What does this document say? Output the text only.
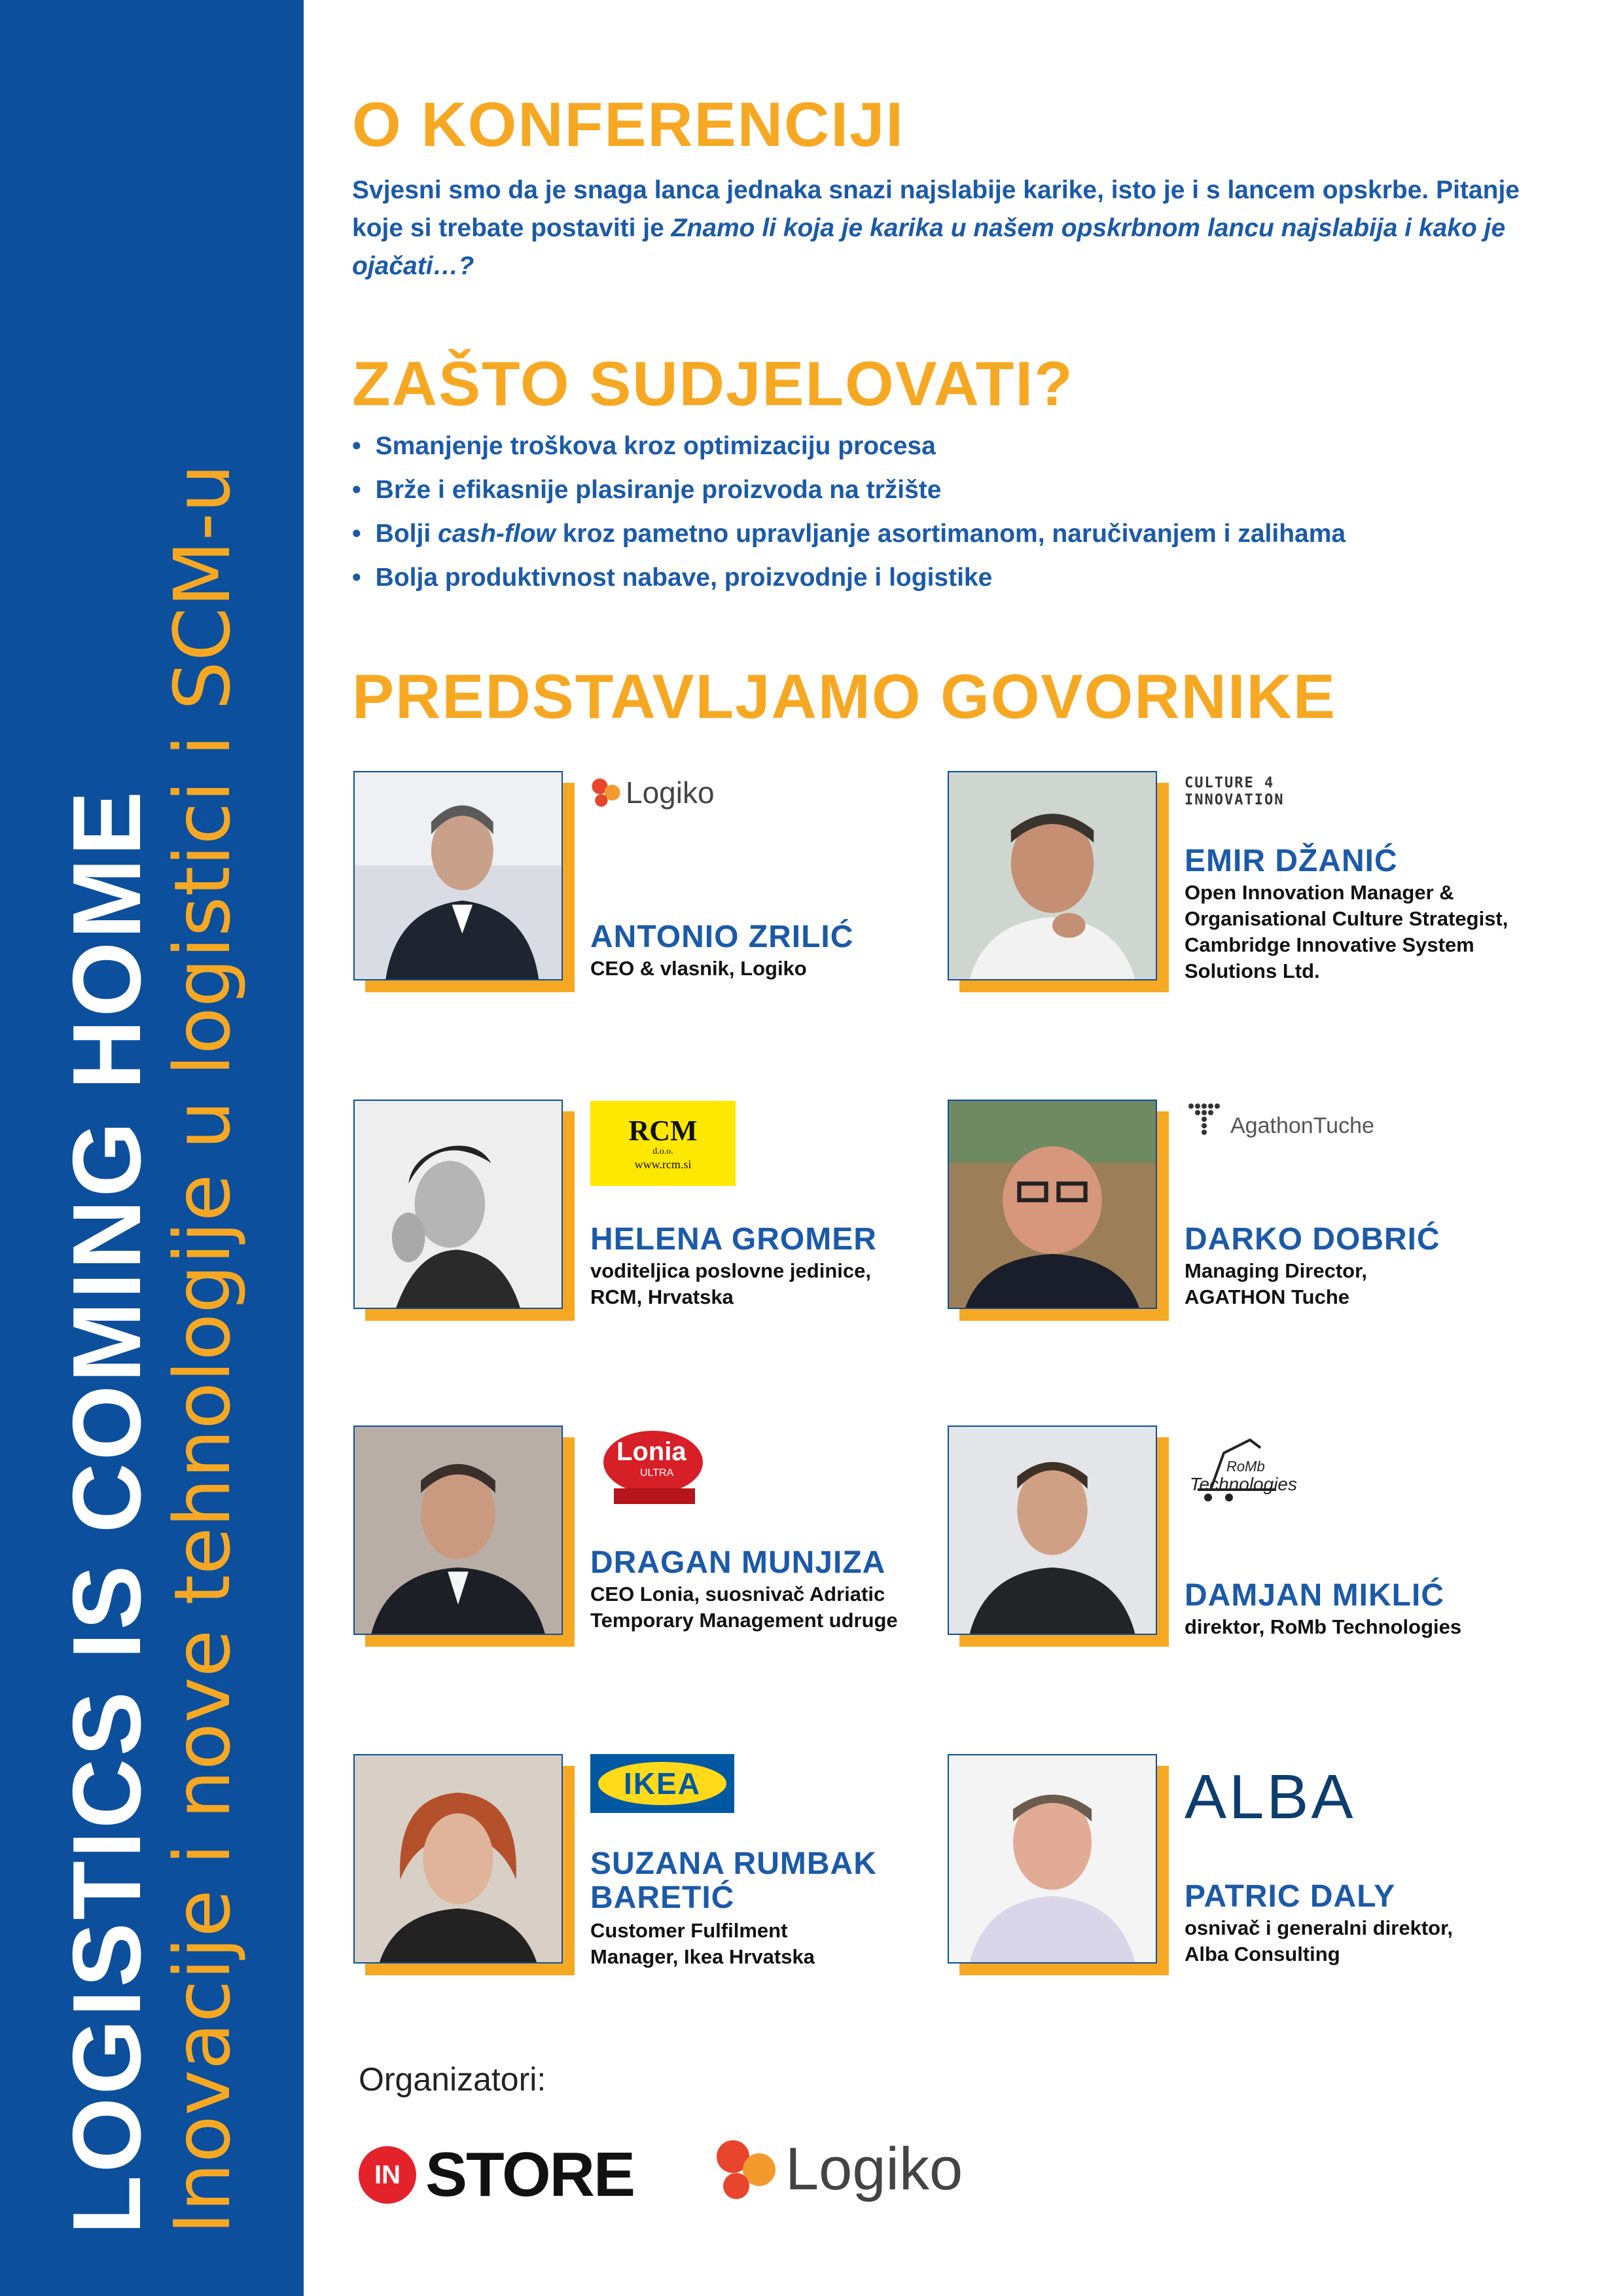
LOGISTICS IS COMING HOME
Inovacije i nove tehnologije u logistici i SCM-u
O KONFERENCIJI
Svjesni smo da je snaga lanca jednaka snazi najslabije karike, isto je i s lancem opskrbe. Pitanje koje si trebate postaviti je Znamo li koja je karika u našem opskrbnom lancu najslabija i kako je ojačati…?
ZAŠTO SUDJELOVATI?
• Smanjenje troškova kroz optimizaciju procesa
• Brže i efikasnije plasiranje proizvoda na tržište
• Bolji cash-flow kroz pametno upravljanje asortimanom, naručivanjem i zalihama
• Bolja produktivnost nabave, proizvodnje i logistike
PREDSTAVLJAMO GOVORNIKE
Logiko
ANTONIO ZRILIĆ
CEO & vlasnik, Logiko
CULTURE 4 INNOVATION
EMIR DŽANIĆ
Open Innovation Manager &
Organisational Culture Strategist,
Cambridge Innovative System
Solutions Ltd.
RCM
d.o.o.
www.rcm.si
HELENA GROMER
voditeljica poslovne jedinice,
RCM, Hrvatska
AgathonTuche
DARKO DOBRIĆ
Managing Director,
AGATHON Tuche
Lonia
ULTRA
DRAGAN MUNJIZA
CEO Lonia, suosnivač Adriatic
Temporary Management udruge
RoMb
Technologies
DAMJAN MIKLIĆ
direktor, RoMb Technologies
IKEA
SUZANA RUMBAK
BARETIĆ
Customer Fulfilment
Manager, Ikea Hrvatska
ALBA
PATRIC DALY
osnivač i generalni direktor,
Alba Consulting
Organizatori:
IN STORE	Logiko
